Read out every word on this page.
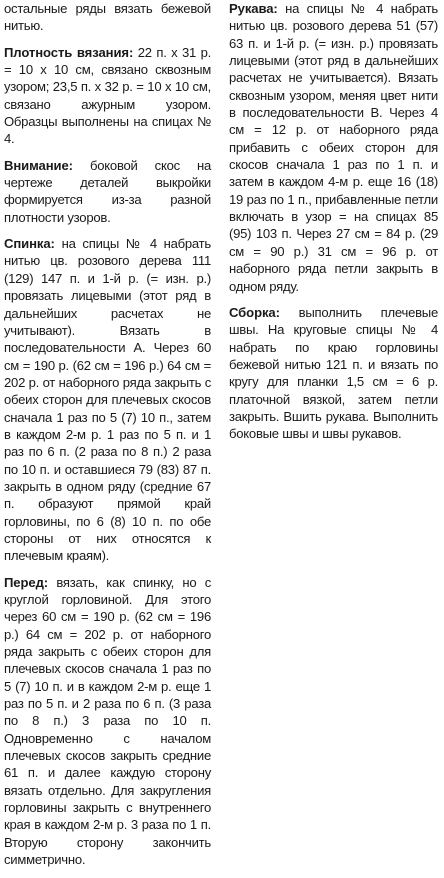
остальные ряды вязать бежевой нитью.

Плотность вязания: 22 п. x 31 р. = 10 x 10 см, связано сквозным узором; 23,5 п. x 32 р. = 10 x 10 см, связано ажурным узором. Образцы выполнены на спицах № 4.

Внимание: боковой скос на чертеже деталей выкройки формируется из-за разной плотности узоров.

Спинка: на спицы № 4 набрать нитью цв. розового дерева 111 (129) 147 п. и 1-й р. (= изн. р.) провязать лицевыми (этот ряд в дальнейших расчетах не учитывают). Вязать в последовательности А. Через 60 см = 190 р. (62 см = 196 р.) 64 см = 202 р. от наборного ряда закрыть с обеих сторон для плечевых скосов сначала 1 раз по 5 (7) 10 п., затем в каждом 2-м р. 1 раз по 5 п. и 1 раз по 6 п. (2 раза по 8 п.) 2 раза по 10 п. и оставшиеся 79 (83) 87 п. закрыть в одном ряду (средние 67 п. образуют прямой край горловины, по 6 (8) 10 п. по обе стороны от них относятся к плечевым краям).

Перед: вязать, как спинку, но с круглой горловиной. Для этого через 60 см = 190 р. (62 см = 196 р.) 64 см = 202 р. от наборного ряда закрыть с обеих сторон для плечевых скосов сначала 1 раз по 5 (7) 10 п. и в каждом 2-м р. еще 1 раз по 5 п. и 2 раза по 6 п. (3 раза по 8 п.) 3 раза по 10 п. Одновременно с началом плечевых скосов закрыть средние 61 п. и далее каждую сторону вязать отдельно. Для закругления горловины закрыть с внутреннего края в каждом 2-м р. 3 раза по 1 п. Вторую сторону закончить симметрично.

Рукава: на спицы № 4 набрать нитью цв. розового дерева 51 (57) 63 п. и 1-й р. (= изн. р.) провязать лицевыми (этот ряд в дальнейших расчетах не учитывается). Вязать сквозным узором, меняя цвет нити в последовательности В. Через 4 см = 12 р. от наборного ряда прибавить с обеих сторон для скосов сначала 1 раз по 1 п. и затем в каждом 4-м р. еще 16 (18) 19 раз по 1 п., прибавленные петли включать в узор = на спицах 85 (95) 103 п. Через 27 см = 84 р. (29 см = 90 р.) 31 см = 96 р. от наборного ряда петли закрыть в одном ряду.

Сборка: выполнить плечевые швы. На круговые спицы № 4 набрать по краю горловины бежевой нитью 121 п. и вязать по кругу для планки 1,5 см = 6 р. платочной вязкой, затем петли закрыть. Вшить рукава. Выполнить боковые швы и швы рукавов.
